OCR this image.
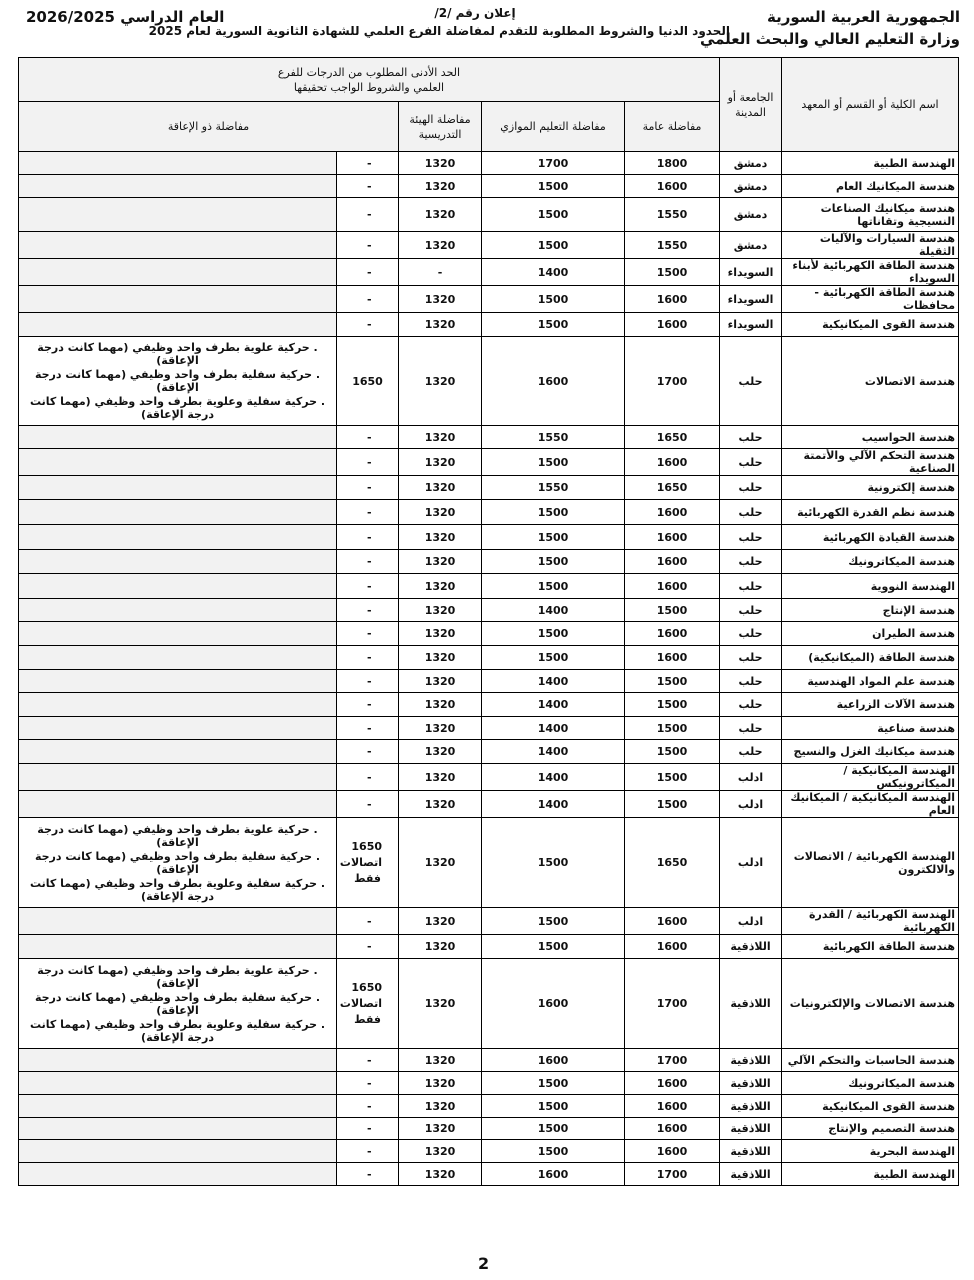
الجمهورية العربية السورية
وزارة التعليم العالي والبحث العلمي
العام الدراسي 2026/2025	إعلان رقم /2/
الحدود الدنيا والشروط المطلوبة للتقدم لمفاضلة الفرع العلمي للشهادة الثانوية السورية لعام 2025
اسم الكلية أو القسم أو المعهد	الجامعة أو المدينة	الحد الأدنى المطلوب من الدرجات للفرع العلمي والشروط الواجب تحقيقها				
		مفاضلة عامة	مفاضلة التعليم الموازي	مفاضلة الهيئة التدريسية	مفاضلة ذو الإعاقة	
الهندسة الطبية	دمشق	1800	1700	1320	-	
هندسة الميكانيك العام	دمشق	1600	1500	1320	-	
هندسة ميكانيك الصناعات النسيجية وتقاناتها	دمشق	1550	1500	1320	-	
هندسة السيارات والآليات الثقيلة	دمشق	1550	1500	1320	-	
هندسة الطاقة الكهربائية لأبناء السويداء	السويداء	1500	1400	-	-	
هندسة الطاقة الكهربائية - محافظات	السويداء	1600	1500	1320	-	
هندسة القوى الميكانيكية	السويداء	1600	1500	1320	-	
هندسة الاتصالات	حلب	1700	1600	1320	1650	. حركية علوية بطرف واحد وظيفي (مهما كانت درجة الإعاقة)
. حركية سفلية بطرف واحد وظيفي (مهما كانت درجة الإعاقة)
. حركية سفلية وعلوية بطرف واحد وظيفي (مهما كانت درجة الإعاقة)

هندسة الحواسيب	حلب	1650	1550	1320	-	
هندسة التحكم الآلي والأتمتة الصناعية	حلب	1600	1500	1320	-	
هندسة إلكترونية	حلب	1650	1550	1320	-	
هندسة نظم القدرة الكهربائية	حلب	1600	1500	1320	-	
هندسة القيادة الكهربائية	حلب	1600	1500	1320	-	
هندسة الميكاترونيك	حلب	1600	1500	1320	-	
الهندسة النووية	حلب	1600	1500	1320	-	
هندسة الإنتاج	حلب	1500	1400	1320	-	
هندسة الطيران	حلب	1600	1500	1320	-	
هندسة الطاقة (الميكانيكية)	حلب	1600	1500	1320	-	
هندسة علم المواد الهندسية	حلب	1500	1400	1320	-	
هندسة الآلات الزراعية	حلب	1500	1400	1320	-	
هندسة صناعية	حلب	1500	1400	1320	-	
هندسة ميكانيك الغزل والنسيج	حلب	1500	1400	1320	-	
الهندسة الميكانيكية / الميكاترونيكس	ادلب	1500	1400	1320	-	
الهندسة الميكانيكية / الميكانيك العام	ادلب	1500	1400	1320	-	
الهندسة الكهربائية / الاتصالات والالكترون	ادلب	1650	1500	1320	1650 اتصالات فقط	. حركية علوية بطرف واحد وظيفي (مهما كانت درجة الإعاقة)
. حركية سفلية بطرف واحد وظيفي (مهما كانت درجة الإعاقة)
. حركية سفلية وعلوية بطرف واحد وظيفي (مهما كانت درجة الإعاقة)

الهندسة الكهربائية / القدرة الكهربائية	ادلب	1600	1500	1320	-	
هندسة الطاقة الكهربائية	اللاذقية	1600	1500	1320	-	
هندسة الاتصالات والإلكترونيات	اللاذقية	1700	1600	1320	1650 اتصالات فقط	. حركية علوية بطرف واحد وظيفي (مهما كانت درجة الإعاقة)
. حركية سفلية بطرف واحد وظيفي (مهما كانت درجة الإعاقة)
. حركية سفلية وعلوية بطرف واحد وظيفي (مهما كانت درجة الإعاقة)

هندسة الحاسبات والتحكم الآلي	اللاذقية	1700	1600	1320	-	
هندسة الميكاترونيك	اللاذقية	1600	1500	1320	-	
هندسة القوى الميكانيكية	اللاذقية	1600	1500	1320	-	
هندسة التصميم والإنتاج	اللاذقية	1600	1500	1320	-	
الهندسة البحرية	اللاذقية	1600	1500	1320	-	
الهندسة الطبية	اللاذقية	1700	1600	1320	-	
2
